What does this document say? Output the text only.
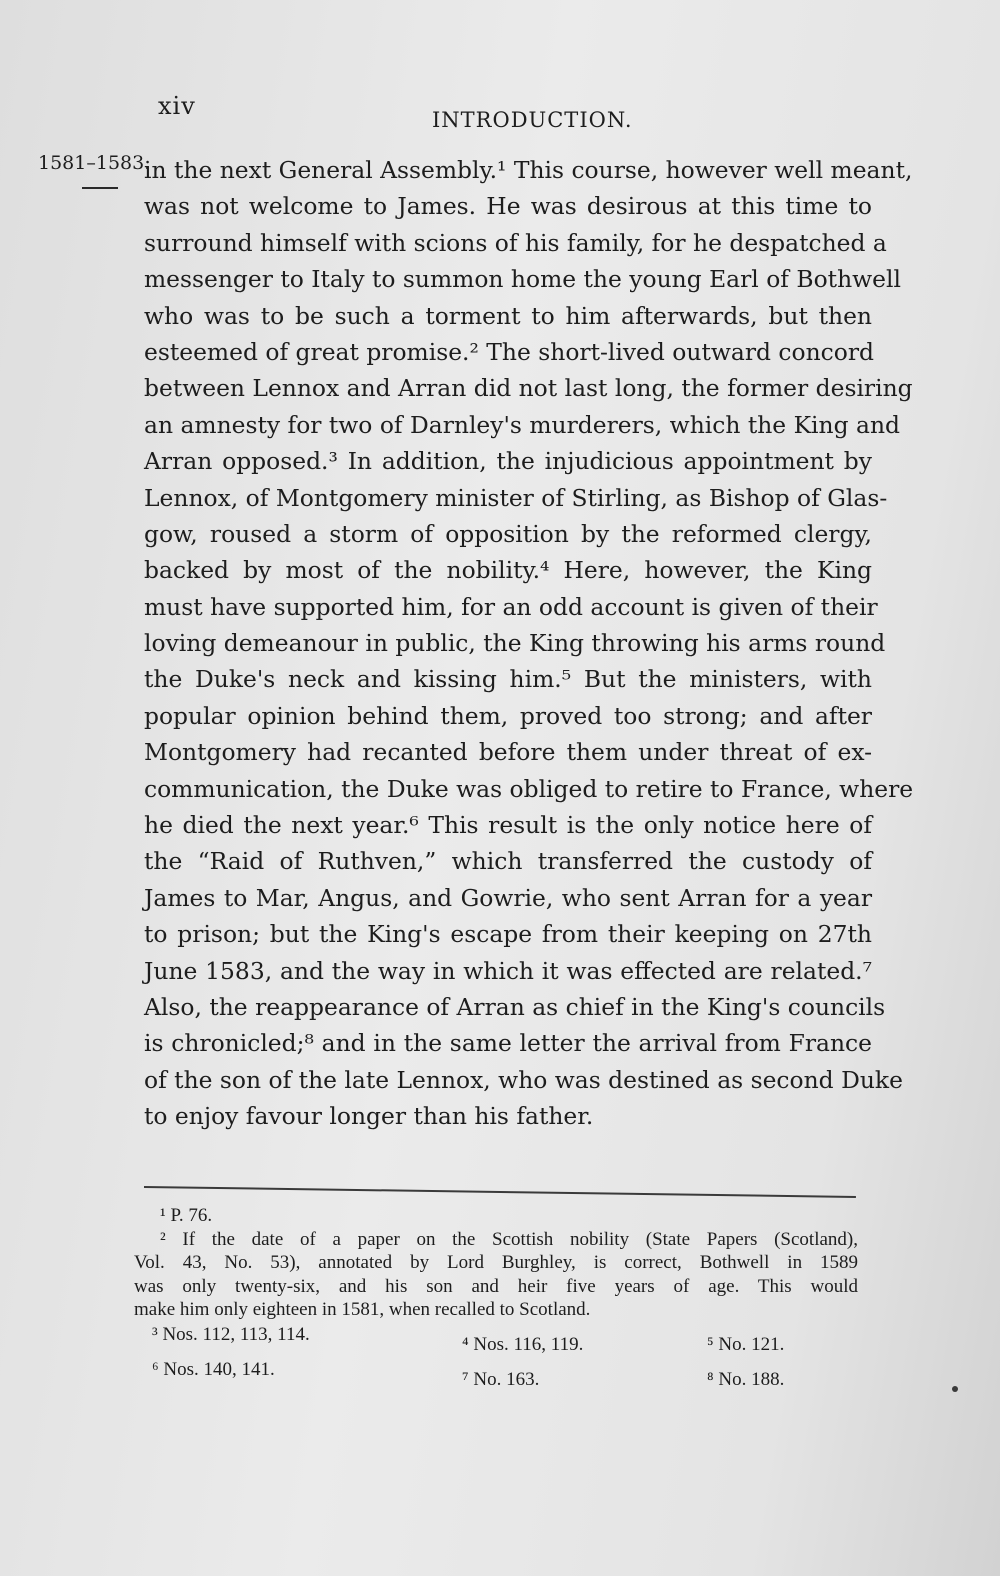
xiv	INTRODUCTION.
1581–1583.
in the next General Assembly.¹ This course, however well meant,
was not welcome to James. He was desirous at this time to
surround himself with scions of his family, for he despatched a
messenger to Italy to summon home the young Earl of Bothwell
who was to be such a torment to him afterwards, but then
esteemed of great promise.² The short-lived outward concord
between Lennox and Arran did not last long, the former desiring
an amnesty for two of Darnley's murderers, which the King and
Arran opposed.³ In addition, the injudicious appointment by
Lennox, of Montgomery minister of Stirling, as Bishop of Glas-
gow, roused a storm of opposition by the reformed clergy,
backed by most of the nobility.⁴ Here, however, the King
must have supported him, for an odd account is given of their
loving demeanour in public, the King throwing his arms round
the Duke's neck and kissing him.⁵ But the ministers, with
popular opinion behind them, proved too strong; and after
Montgomery had recanted before them under threat of ex-
communication, the Duke was obliged to retire to France, where
he died the next year.⁶ This result is the only notice here of
the “Raid of Ruthven,” which transferred the custody of
James to Mar, Angus, and Gowrie, who sent Arran for a year
to prison; but the King's escape from their keeping on 27th
June 1583, and the way in which it was effected are related.⁷
Also, the reappearance of Arran as chief in the King's councils
is chronicled;⁸ and in the same letter the arrival from France
of the son of the late Lennox, who was destined as second Duke
to enjoy favour longer than his father.
¹ P. 76.
² If the date of a paper on the Scottish nobility (State Papers (Scotland),
Vol. 43, No. 53), annotated by Lord Burghley, is correct, Bothwell in 1589
was only twenty-six, and his son and heir five years of age. This would
make him only eighteen in 1581, when recalled to Scotland.
³ Nos. 112, 113, 114.	⁴ Nos. 116, 119.	⁵ No. 121.
⁶ Nos. 140, 141.	⁷ No. 163.	⁸ No. 188.
